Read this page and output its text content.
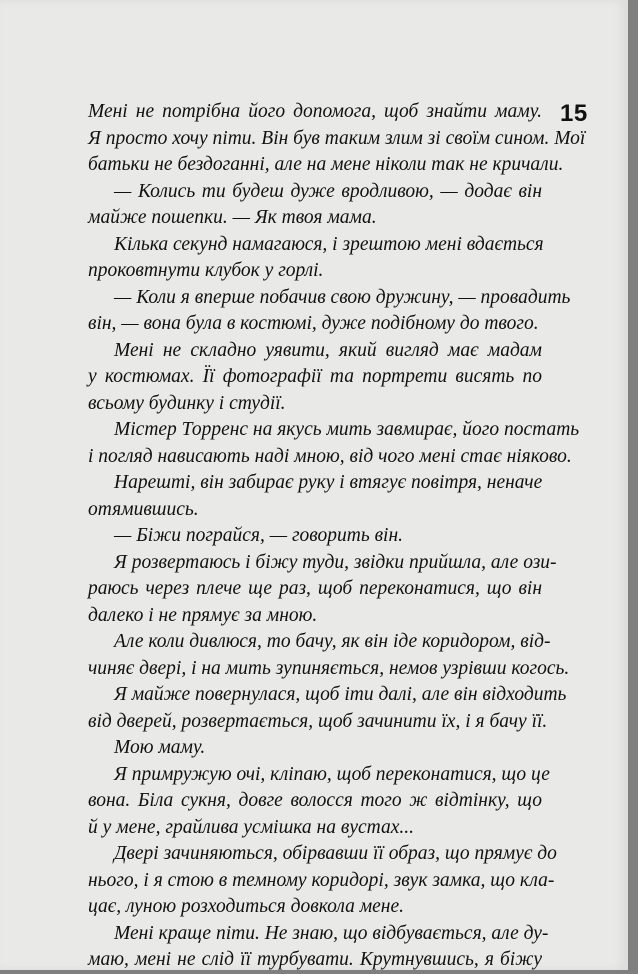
15
Мені не потрібна його допомога, щоб знайти маму.
Я просто хочу піти. Він був таким злим зі своїм сином. Мої
батьки не бездоганні, але на мене ніколи так не кричали.
— Колись ти будеш дуже вродливою, — додає він
майже пошепки. — Як твоя мама.
Кілька секунд намагаюся, і зрештою мені вдається
проковтнути клубок у горлі.
— Коли я вперше побачив свою дружину, — провадить
він, — вона була в костюмі, дуже подібному до твого.
Мені не складно уявити, який вигляд має мадам
у костюмах. Її фотографії та портрети висять по
всьому будинку і студії.
Містер Торренс на якусь мить завмирає, його постать
і погляд нависають наді мною, від чого мені стає ніяково.
Нарешті, він забирає руку і втягує повітря, неначе
отямившись.
— Біжи пограйся, — говорить він.
Я розвертаюсь і біжу туди, звідки прийшла, але ози-
раюсь через плече ще раз, щоб переконатися, що він
далеко і не прямує за мною.
Але коли дивлюся, то бачу, як він іде коридором, від-
чиняє двері, і на мить зупиняється, немов узрівши когось.
Я майже повернулася, щоб іти далі, але він відходить
від дверей, розвертається, щоб зачинити їх, і я бачу її.
Мою маму.
Я примружую очі, кліпаю, щоб переконатися, що це
вона. Біла сукня, довге волосся того ж відтінку, що
й у мене, грайлива усмішка на вустах...
Двері зачиняються, обірвавши її образ, що прямує до
нього, і я стою в темному коридорі, звук замка, що кла-
цає, луною розходиться довкола мене.
Мені краще піти. Не знаю, що відбувається, але ду-
маю, мені не слід її турбувати. Крутнувшись, я біжу
